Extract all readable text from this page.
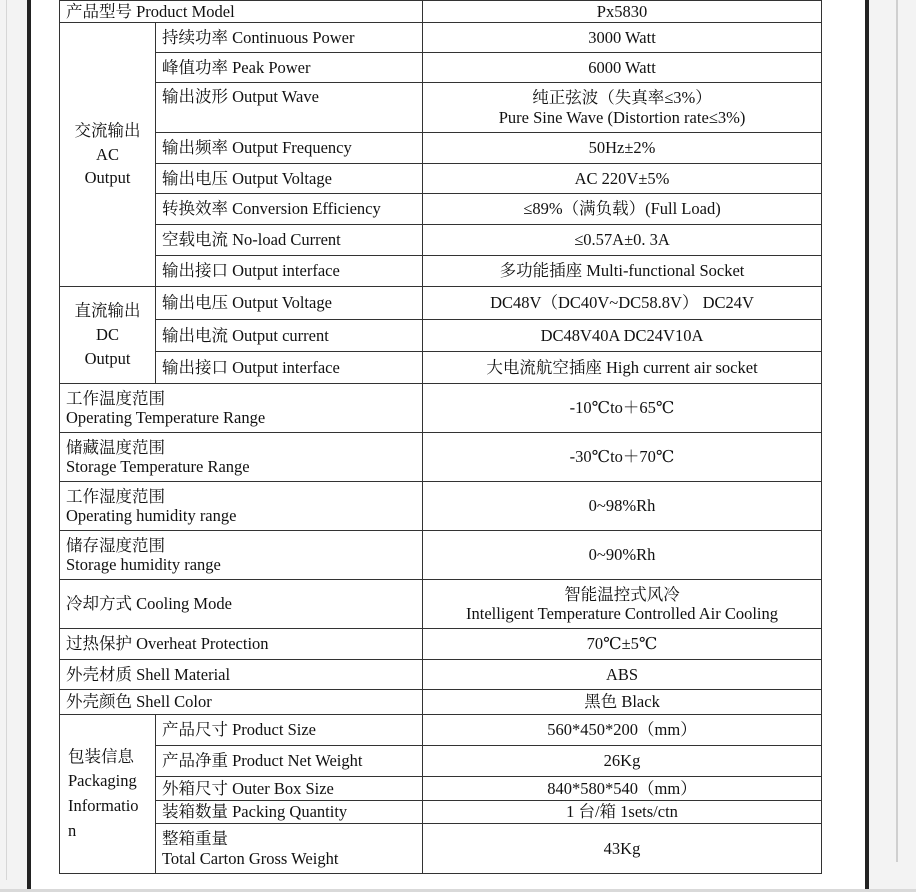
产品型号 Product Model		Px5830

交流输出
AC
Output	持续功率 Continuous Power	3000 Watt
	峰值功率 Peak Power	6000 Watt
	输出波形 Output Wave	纯正弦波（失真率≤3%）
Pure Sine Wave (Distortion rate≤3%)

	输出频率 Output Frequency	50Hz±2%
	输出电压 Output Voltage	AC 220V±5%
	转换效率 Conversion Efficiency	≤89%（满负载）(Full Load)
	空载电流 No-load Current	≤0.57A±0. 3A
	输出接口 Output interface	多功能插座 Multi-functional Socket

直流输出
DC
Output	输出电压 Output Voltage	DC48V（DC40V~DC58.8V） DC24V
	输出电流 Output current	DC48V40A DC24V10A
	输出接口 Output interface	大电流航空插座 High current air socket

工作温度范围
Operating Temperature Range		-10℃to＋65℃

储藏温度范围
Storage Temperature Range		-30℃to＋70℃

工作湿度范围
Operating humidity range		0~98%Rh

储存湿度范围
Storage humidity range		0~90%Rh
冷却方式 Cooling Mode		智能温控式风冷
Intelligent Temperature Controlled Air Cooling

过热保护 Overheat Protection		70℃±5℃
外壳材质 Shell Material		ABS
外壳颜色 Shell Color		黑色 Black

包装信息
Packaging
Informatio
n	产品尺寸 Product Size	560*450*200（mm）
	产品净重 Product Net Weight	26Kg
	外箱尺寸 Outer Box Size	840*580*540（mm）
	装箱数量 Packing Quantity	1 台/箱 1sets/ctn

	整箱重量
Total Carton Gross Weight	43Kg
